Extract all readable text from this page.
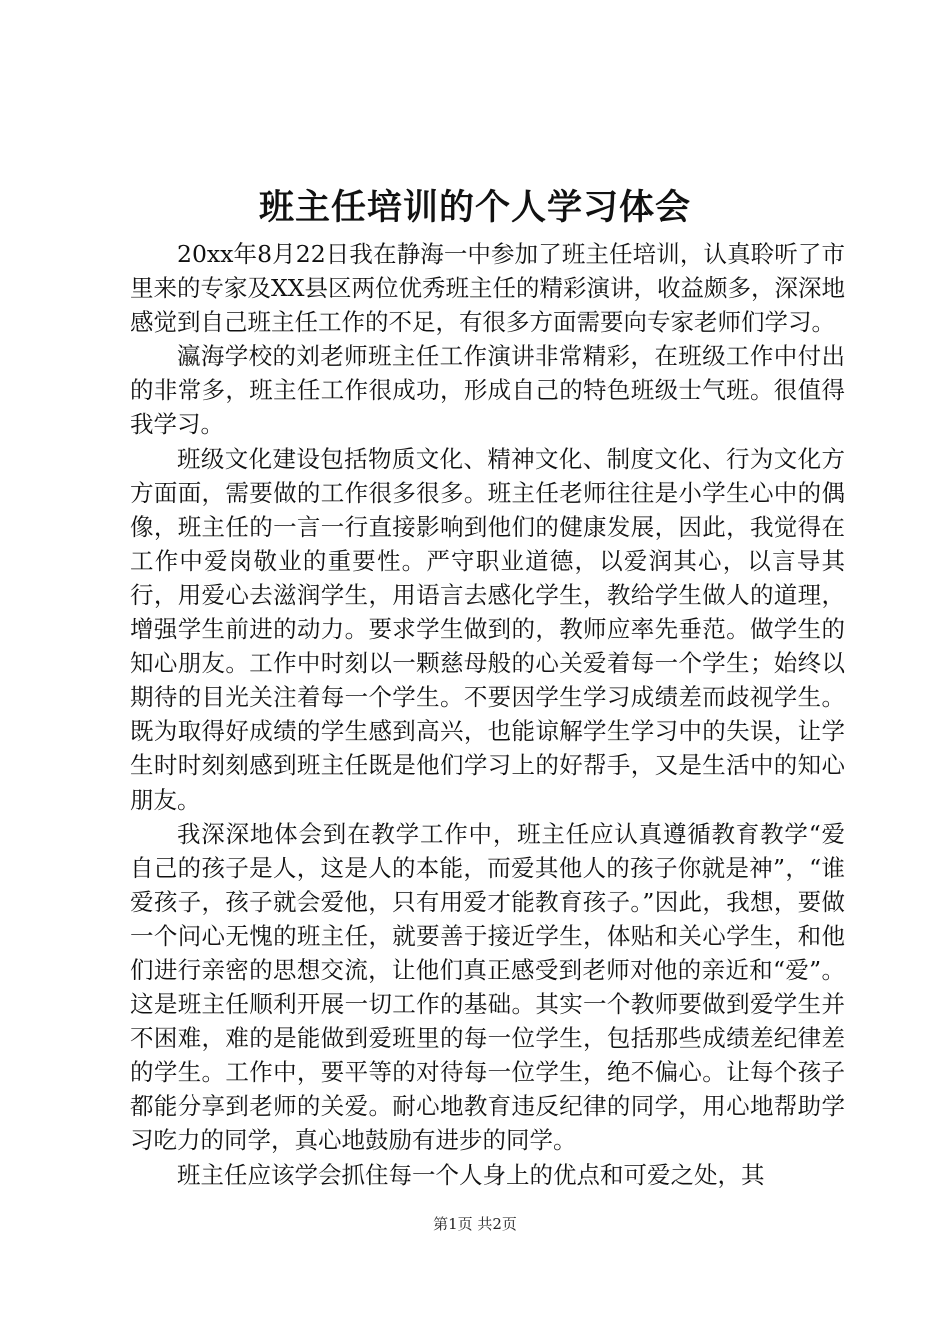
班主任培训的个人学习体会

20xx年8月22日我在静海一中参加了班主任培训，认真聆听了市里来的专家及XX县区两位优秀班主任的精彩演讲，收益颇多，深深地感觉到自己班主任工作的不足，有很多方面需要向专家老师们学习。

瀛海学校的刘老师班主任工作演讲非常精彩，在班级工作中付出的非常多，班主任工作很成功，形成自己的特色班级士气班。很值得我学习。

班级文化建设包括物质文化、精神文化、制度文化、行为文化方方面面，需要做的工作很多很多。班主任老师往往是小学生心中的偶像，班主任的一言一行直接影响到他们的健康发展，因此，我觉得在工作中爱岗敬业的重要性。严守职业道德，以爱润其心，以言导其行，用爱心去滋润学生，用语言去感化学生，教给学生做人的道理，增强学生前进的动力。要求学生做到的，教师应率先垂范。做学生的知心朋友。工作中时刻以一颗慈母般的心关爱着每一个学生；始终以期待的目光关注着每一个学生。不要因学生学习成绩差而歧视学生。既为取得好成绩的学生感到高兴，也能谅解学生学习中的失误，让学生时时刻刻感到班主任既是他们学习上的好帮手，又是生活中的知心朋友。

我深深地体会到在教学工作中，班主任应认真遵循教育教学“爱自己的孩子是人，这是人的本能，而爱其他人的孩子你就是神”，“谁爱孩子，孩子就会爱他，只有用爱才能教育孩子。”因此，我想，要做一个问心无愧的班主任，就要善于接近学生，体贴和关心学生，和他们进行亲密的思想交流，让他们真正感受到老师对他的亲近和“爱”。这是班主任顺利开展一切工作的基础。其实一个教师要做到爱学生并不困难，难的是能做到爱班里的每一位学生，包括那些成绩差纪律差的学生。工作中，要平等的对待每一位学生，绝不偏心。让每个孩子都能分享到老师的关爱。耐心地教育违反纪律的同学，用心地帮助学习吃力的同学，真心地鼓励有进步的同学。

班主任应该学会抓住每一个人身上的优点和可爱之处，其

第1页 共2页
